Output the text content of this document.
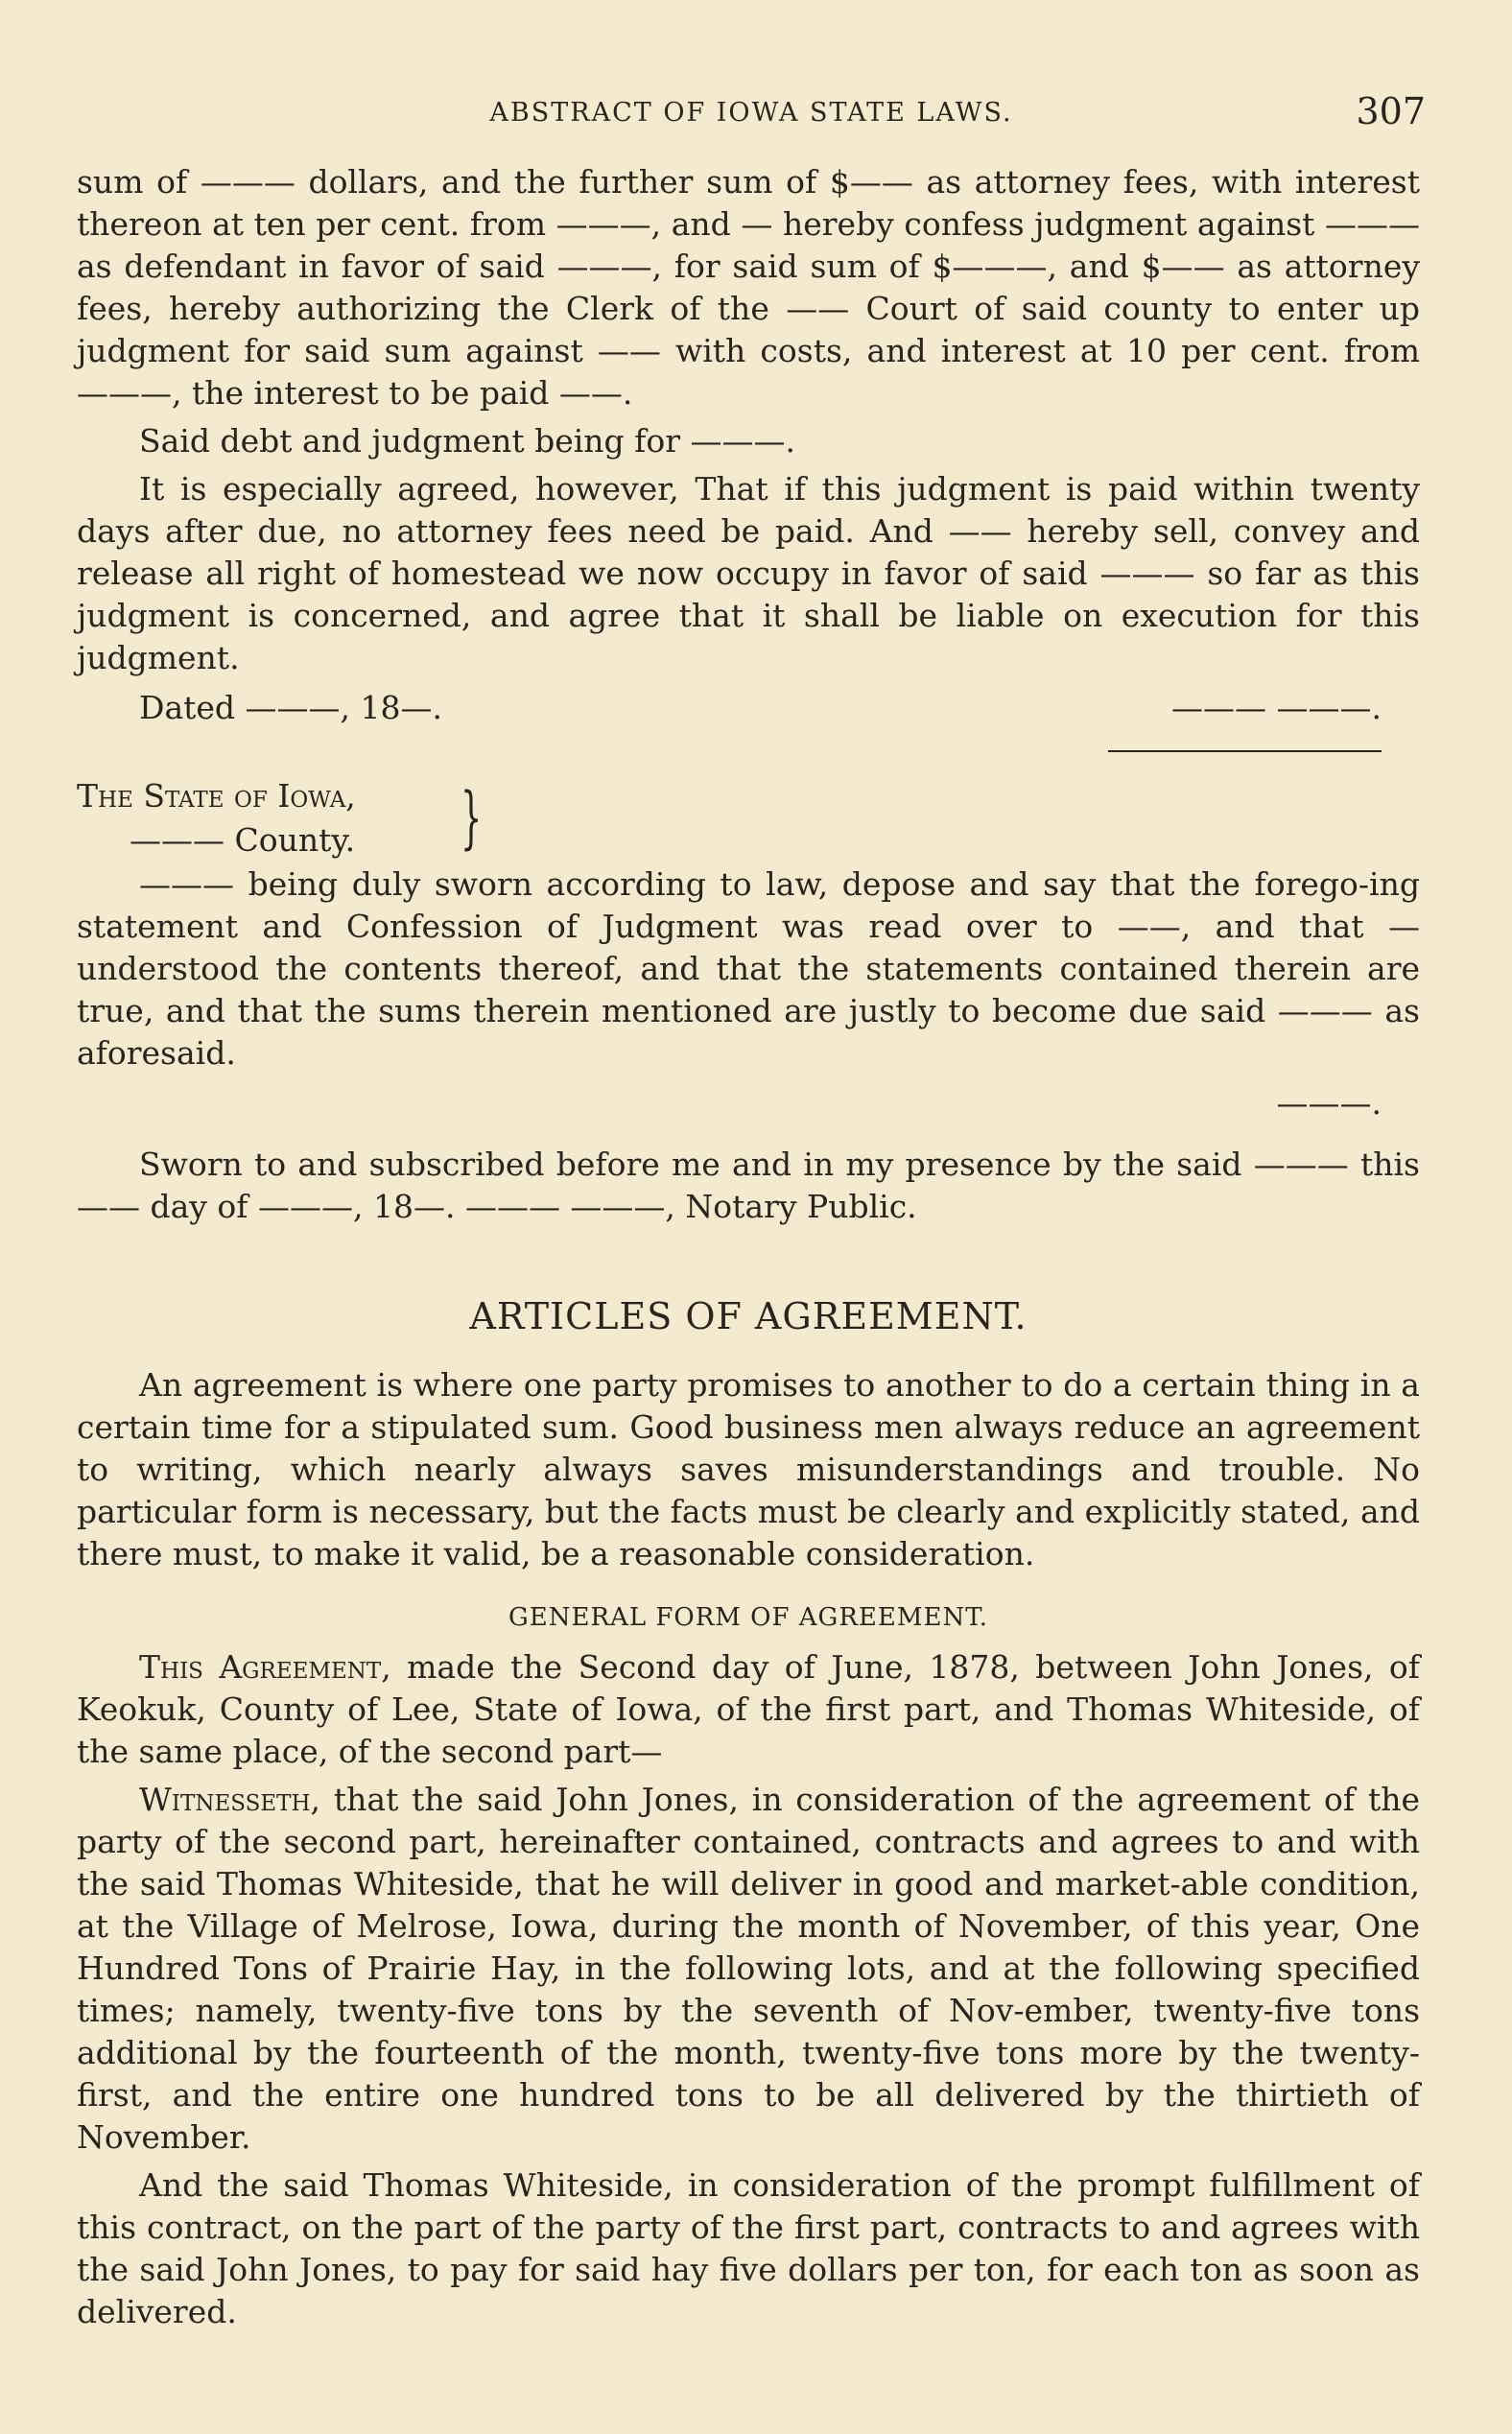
ABSTRACT OF IOWA STATE LAWS.	307

sum of ——— dollars, and the further sum of $—— as attorney fees, with interest thereon at ten per cent. from ———, and — hereby confess judgment against ——— as defendant in favor of said ———, for said sum of $———, and $—— as attorney fees, hereby authorizing the Clerk of the —— Court of said county to enter up judgment for said sum against —— with costs, and interest at 10 per cent. from ———, the interest to be paid ——.

Said debt and judgment being for ———.

It is especially agreed, however, That if this judgment is paid within twenty days after due, no attorney fees need be paid. And —— hereby sell, convey and release all right of homestead we now occupy in favor of said ——— so far as this judgment is concerned, and agree that it shall be liable on execution for this judgment.

Dated ———, 18—.	——— ———.
The State of Iowa,
——— County. }

——— being duly sworn according to law, depose and say that the forego-ing statement and Confession of Judgment was read over to ——, and that — understood the contents thereof, and that the statements contained therein are true, and that the sums therein mentioned are justly to become due said ——— as aforesaid.

———.

Sworn to and subscribed before me and in my presence by the said ——— this —— day of ———, 18—. ——— ———, Notary Public.

ARTICLES OF AGREEMENT.

An agreement is where one party promises to another to do a certain thing in a certain time for a stipulated sum. Good business men always reduce an agreement to writing, which nearly always saves misunderstandings and trouble. No particular form is necessary, but the facts must be clearly and explicitly stated, and there must, to make it valid, be a reasonable consideration.

GENERAL FORM OF AGREEMENT.

This Agreement, made the Second day of June, 1878, between John Jones, of Keokuk, County of Lee, State of Iowa, of the first part, and Thomas Whiteside, of the same place, of the second part—

Witnesseth, that the said John Jones, in consideration of the agreement of the party of the second part, hereinafter contained, contracts and agrees to and with the said Thomas Whiteside, that he will deliver in good and market-able condition, at the Village of Melrose, Iowa, during the month of November, of this year, One Hundred Tons of Prairie Hay, in the following lots, and at the following specified times; namely, twenty-five tons by the seventh of Nov-ember, twenty-five tons additional by the fourteenth of the month, twenty-five tons more by the twenty-first, and the entire one hundred tons to be all delivered by the thirtieth of November.

And the said Thomas Whiteside, in consideration of the prompt fulfillment of this contract, on the part of the party of the first part, contracts to and agrees with the said John Jones, to pay for said hay five dollars per ton, for each ton as soon as delivered.
